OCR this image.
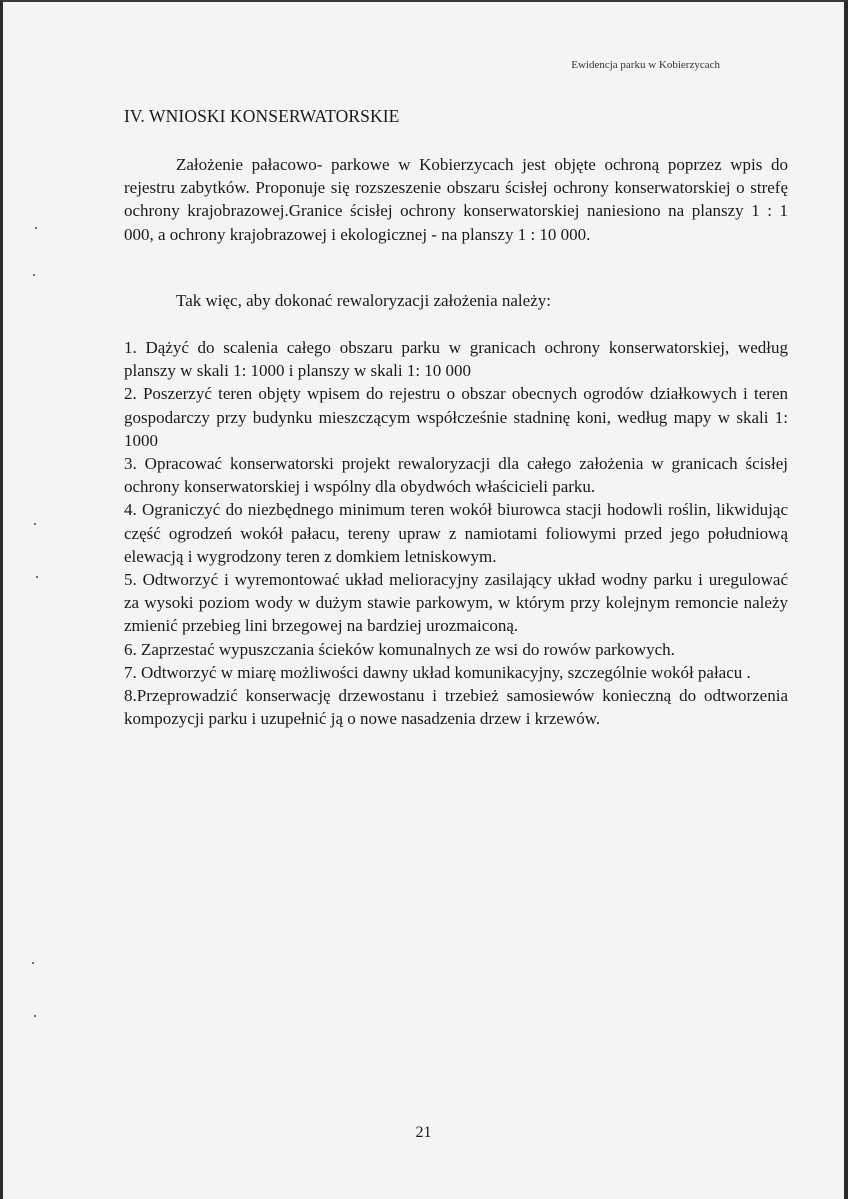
Ewidencja parku w Kobierzycach
IV. WNIOSKI KONSERWATORSKIE

Założenie pałacowo- parkowe w Kobierzycach jest objęte ochroną poprzez wpis do rejestru zabytków. Proponuje się rozszeszenie obszaru ścisłej ochrony konserwatorskiej o strefę ochrony krajobrazowej.Granice ścisłej ochrony konserwatorskiej naniesiono na planszy 1 : 1 000, a ochrony krajobrazowej i ekologicznej - na planszy 1 : 10 000.

Tak więc, aby dokonać rewaloryzacji założenia należy:

1. Dążyć do scalenia całego obszaru parku w granicach ochrony konserwatorskiej, według planszy w skali 1: 1000 i planszy w skali 1: 10 000

2. Poszerzyć teren objęty wpisem do rejestru o obszar obecnych ogrodów działkowych i teren gospodarczy przy budynku mieszczącym współcześnie stadninę koni, według mapy w skali 1: 1000

3. Opracować konserwatorski projekt rewaloryzacji dla całego założenia w granicach ścisłej ochrony konserwatorskiej i wspólny dla obydwóch właścicieli parku.

4. Ograniczyć do niezbędnego minimum teren wokół biurowca stacji hodowli roślin, likwidując część ogrodzeń wokół pałacu, tereny upraw z namiotami foliowymi przed jego południową elewacją i wygrodzony teren z domkiem letniskowym.

5. Odtworzyć i wyremontować układ melioracyjny zasilający układ wodny parku i uregulować za wysoki poziom wody w dużym stawie parkowym, w którym przy kolejnym remoncie należy zmienić przebieg lini brzegowej na bardziej urozmaiconą.

6. Zaprzestać wypuszczania ścieków komunalnych ze wsi do rowów parkowych.

7. Odtworzyć w miarę możliwości dawny układ komunikacyjny, szczególnie wokół pałacu .

8.Przeprowadzić konserwację drzewostanu i trzebież samosiewów konieczną do odtworzenia kompozycji parku i uzupełnić ją o nowe nasadzenia drzew i krzewów.

21
